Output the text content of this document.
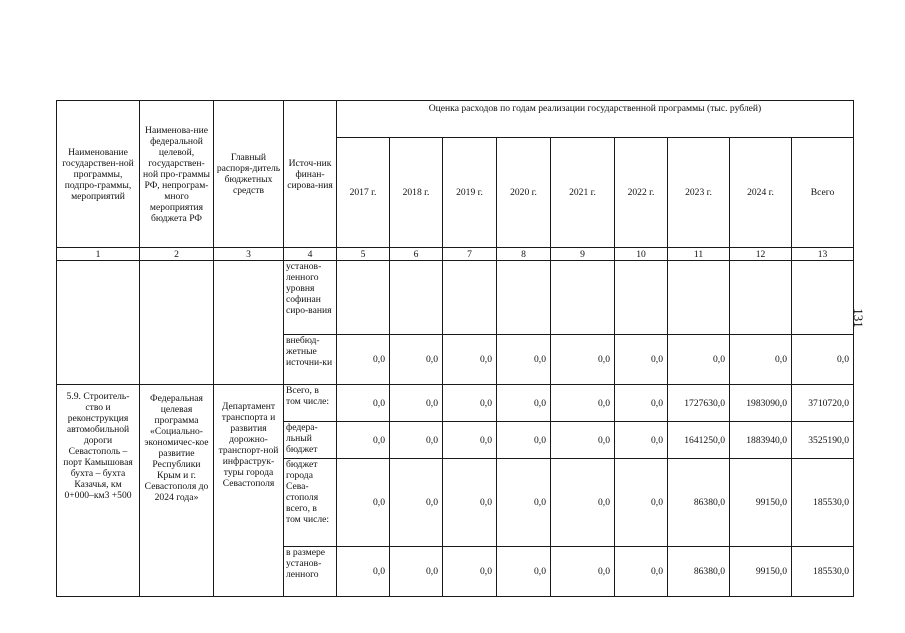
131
Наименование государствен-ной программы, подпро-граммы, мероприятий	Наименова-ние федеральной целевой, государствен-ной про-граммы РФ, непрограм-много мероприятия бюджета РФ	Главный распоря-дитель бюджетных средств	Источ-ник финан-сирова-ния	Оценка расходов по годам реализации государственной программы (тыс. рублей)								
				2017 г.	2018 г.	2019 г.	2020 г.	2021 г.	2022 г.	2023 г.	2024 г.	Всего
1	2	3	4	5	6	7	8	9	10	11	12	13
			установ-ленного уровня софинан сиро-вания									
			внебюд-жетные источни-ки	0,0	0,0	0,0	0,0	0,0	0,0	0,0	0,0	0,0
5.9. Строитель-ство и реконструкция автомобильной дороги Севастополь – порт Камышовая бухта – бухта Казачья, км 0+000–км3 +500	Федеральная целевая программа «Социально-экономичес-кое развитие Республики Крым и г. Севастополя до 2024 года»	Департамент транспорта и развития дорожно-транспорт-ной инфраструк-туры города Севастополя	Всего, в том числе:	0,0	0,0	0,0	0,0	0,0	0,0	1727630,0	1983090,0	3710720,0
			федера-льный бюджет	0,0	0,0	0,0	0,0	0,0	0,0	1641250,0	1883940,0	3525190,0
			бюджет города Сева-стополя всего, в том числе:	0,0	0,0	0,0	0,0	0,0	0,0	86380,0	99150,0	185530,0
			в размере установ-ленного	0,0	0,0	0,0	0,0	0,0	0,0	86380,0	99150,0	185530,0
